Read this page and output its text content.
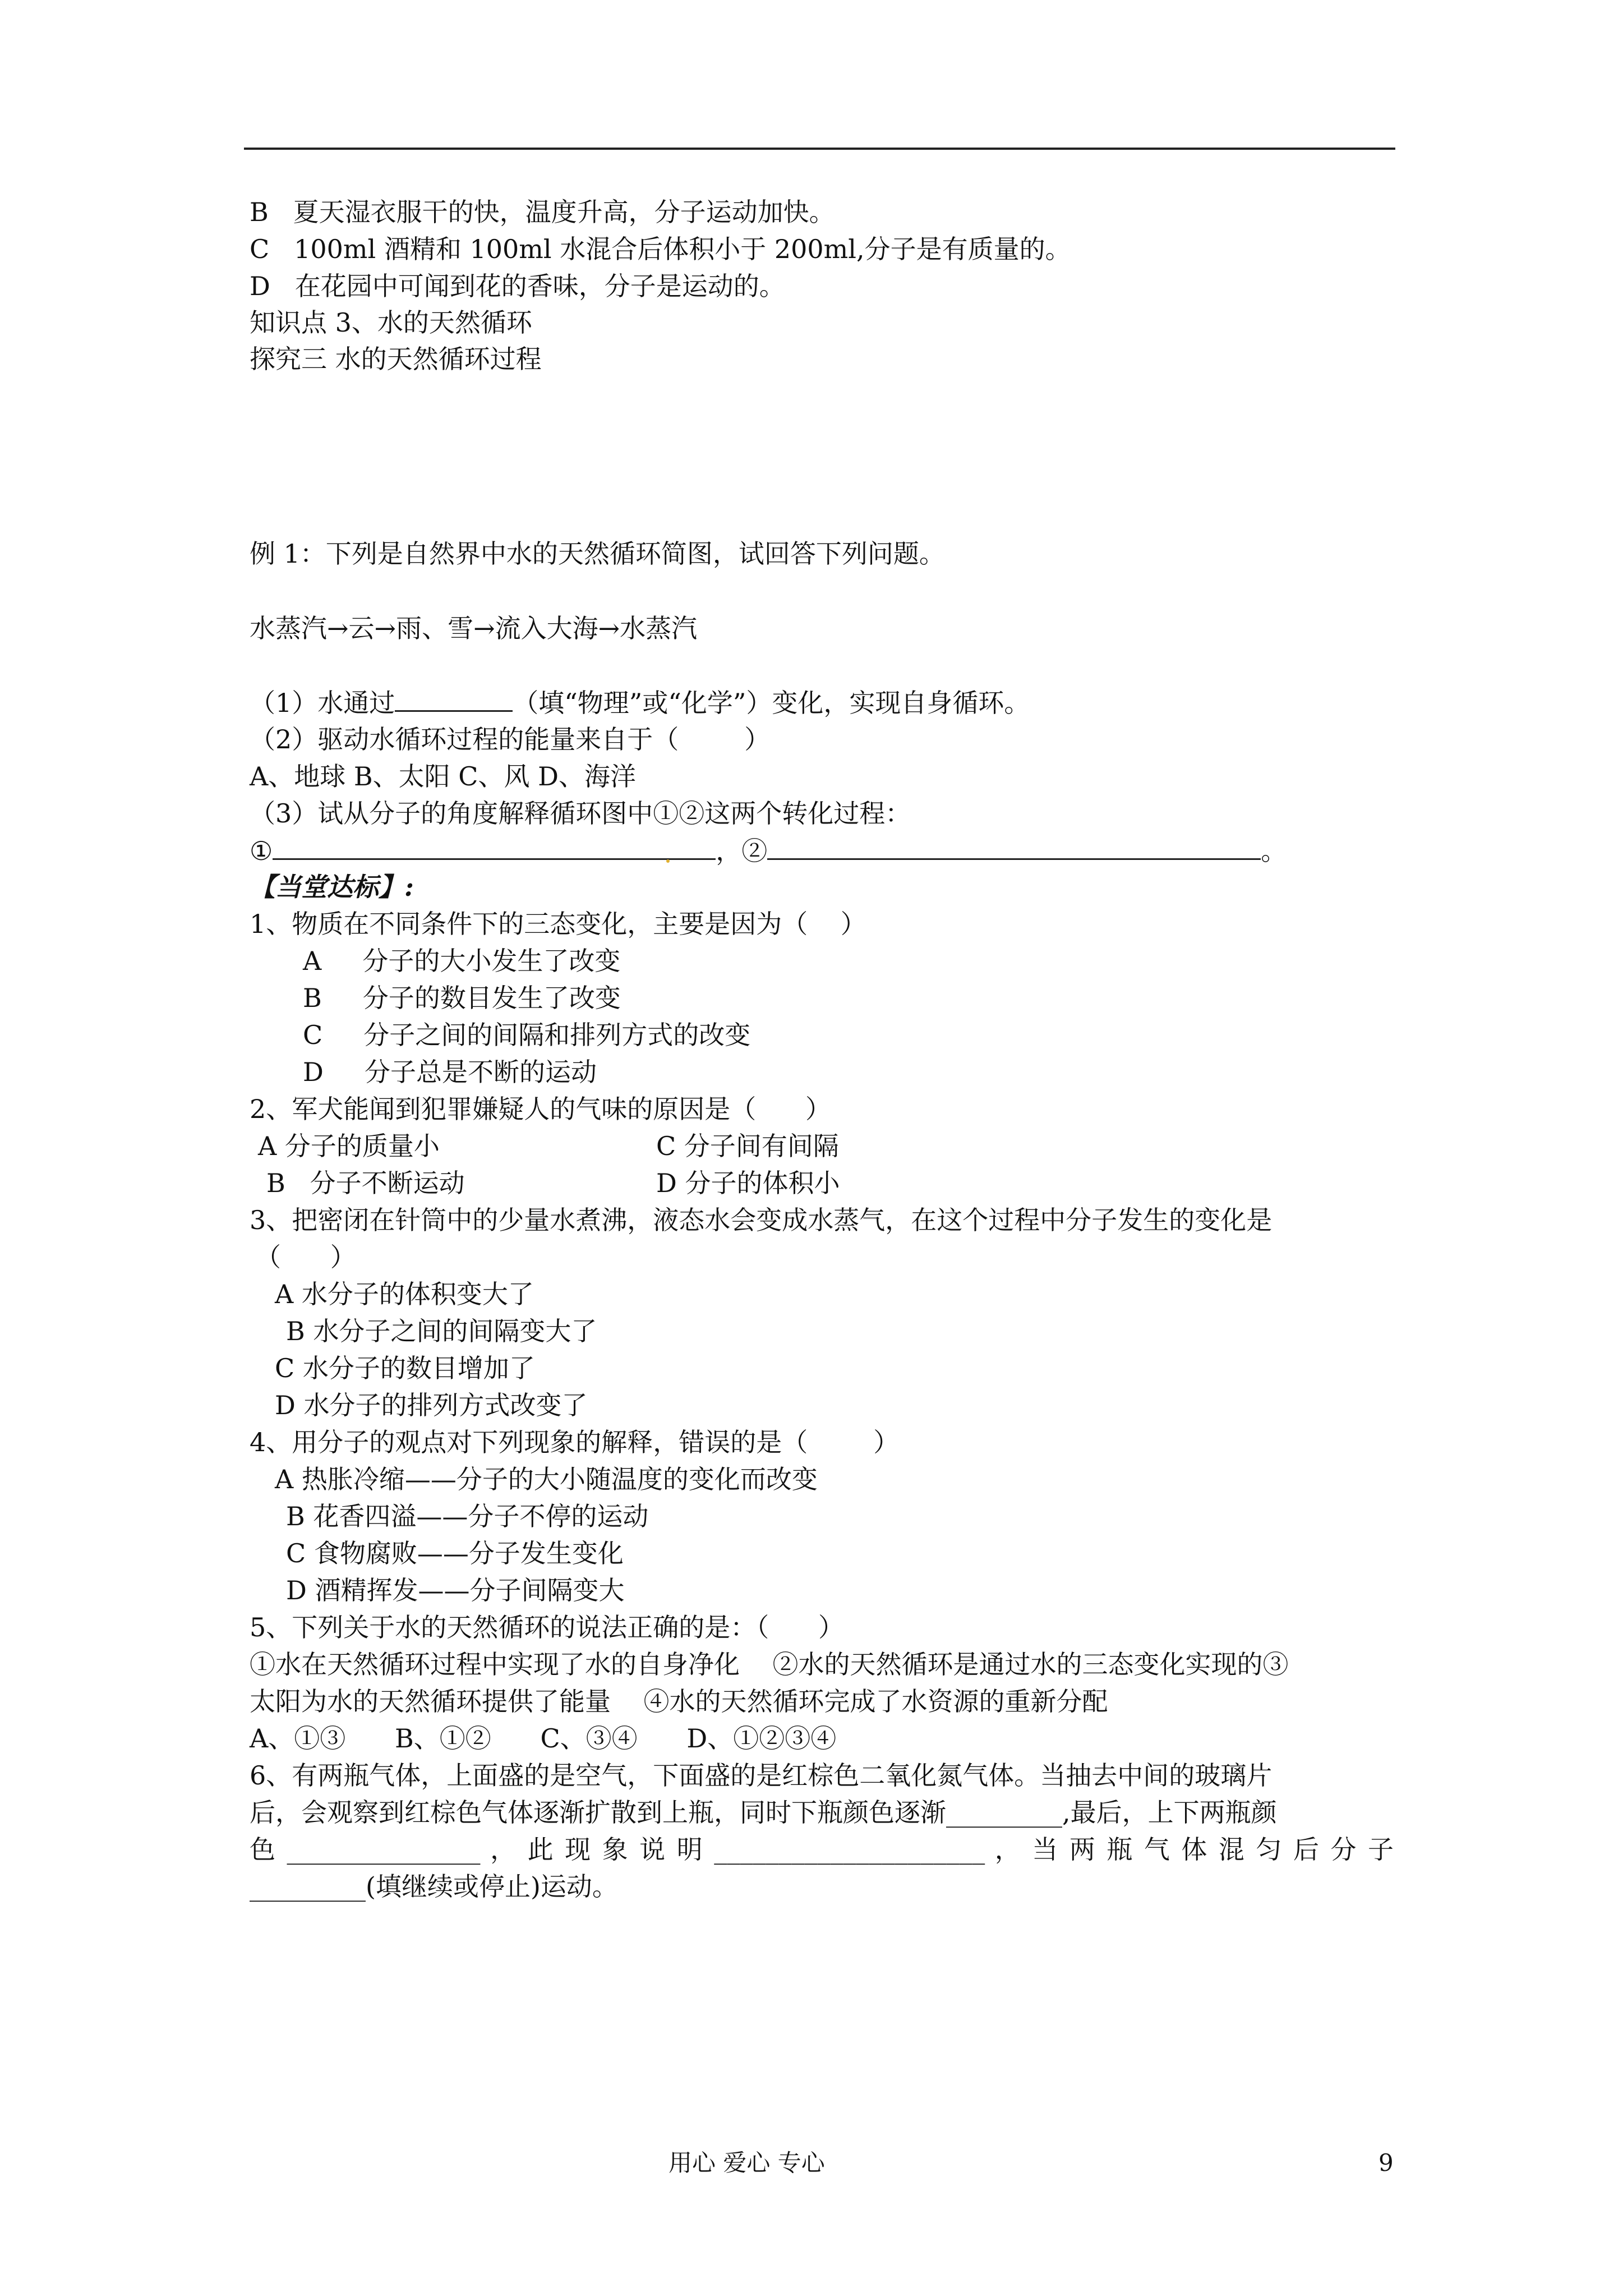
B   夏天湿衣服干的快，温度升高，分子运动加快。
C   100ml 酒精和 100ml 水混合后体积小于 200ml,分子是有质量的。
D   在花园中可闻到花的香味，分子是运动的。
知识点 3、水的天然循环
探究三 水的天然循环过程
例 1：下列是自然界中水的天然循环简图，试回答下列问题。
水蒸汽→云→雨、雪→流入大海→水蒸汽
（1）水通过	（填“物理”或“化学”）变化，实现自身循环。
（2）驱动水循环过程的能量来自于（        ）
A、地球 B、太阳 C、风 D、海洋
（3）试从分子的角度解释循环图中①②这两个转化过程：
①	，②	。
【当堂达标】:
1、物质在不同条件下的三态变化，主要是因为（    ）
A     分子的大小发生了改变
B     分子的数目发生了改变
C     分子之间的间隔和排列方式的改变
D     分子总是不断的运动
2、军犬能闻到犯罪嫌疑人的气味的原因是（      ）
A 分子的质量小	C 分子间有间隔
B   分子不断运动	D 分子的体积小
3、把密闭在针筒中的少量水煮沸，液态水会变成水蒸气，在这个过程中分子发生的变化是
（      ）
A 水分子的体积变大了
B 水分子之间的间隔变大了
C 水分子的数目增加了
D 水分子的排列方式改变了
4、用分子的观点对下列现象的解释，错误的是（        ）
A 热胀冷缩——分子的大小随温度的变化而改变
B 花香四溢——分子不停的运动
C 食物腐败——分子发生变化
D 酒精挥发——分子间隔变大
5、下列关于水的天然循环的说法正确的是：（      ）
①水在天然循环过程中实现了水的自身净化    ②水的天然循环是通过水的三态变化实现的③
太阳为水的天然循环提供了能量    ④水的天然循环完成了水资源的重新分配
A、①③      B、①②      C、③④      D、①②③④
6、有两瓶气体，上面盛的是空气，下面盛的是红棕色二氧化氮气体。当抽去中间的玻璃片
后，会观察到红棕色气体逐渐扩散到上瓶，同时下瓶颜色逐渐_________,最后，上下两瓶颜
色 _______________ ， 此 现 象 说 明 _____________________ ， 当 两 瓶 气 体 混 匀 后 分 子
_________(填继续或停止)运动。
用心 爱心 专心	9
